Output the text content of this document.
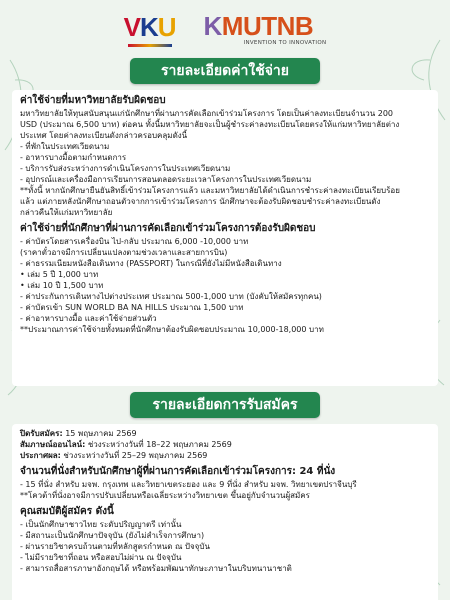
VKU KMUTNB
INVENTION TO INNOVATION
รายละเอียดค่าใช้จ่าย
ค่าใช้จ่ายที่มหาวิทยาลัยรับผิดชอบ
มหาวิทยาลัยให้ทุนสนับสนุนแก่นักศึกษาที่ผ่านการคัดเลือกเข้าร่วมโครงการ โดยเป็นค่าลงทะเบียนจำนวน 200
USD (ประมาณ 6,500 บาท) ต่อคน ทั้งนี้มหาวิทยาลัยจะเป็นผู้ชำระค่าลงทะเบียนโดยตรงให้แก่มหาวิทยาลัยต่าง
ประเทศ โดยค่าลงทะเบียนดังกล่าวครอบคลุมดังนี้
- ที่พักในประเทศเวียดนาม
- อาหารบางมื้อตามกำหนดการ
- บริการรับส่งระหว่างการดำเนินโครงการในประเทศเวียดนาม
- อุปกรณ์และเครื่องมือการเรียนการสอนตลอดระยะเวลาโครงการในประเทศเวียดนาม
**ทั้งนี้ หากนักศึกษายืนยันสิทธิ์เข้าร่วมโครงการแล้ว และมหาวิทยาลัยได้ดำเนินการชำระค่าลงทะเบียนเรียบร้อย
แล้ว แต่ภายหลังนักศึกษาถอนตัวจากการเข้าร่วมโครงการ นักศึกษาจะต้องรับผิดชอบชำระค่าลงทะเบียนดัง
กล่าวคืนให้แก่มหาวิทยาลัย
ค่าใช้จ่ายที่นักศึกษาที่ผ่านการคัดเลือกเข้าร่วมโครงการต้องรับผิดชอบ
- ค่าบัตรโดยสารเครื่องบิน ไป-กลับ ประมาณ 6,000 -10,000 บาท
(ราคาตั๋วอาจมีการเปลี่ยนแปลงตามช่วงเวลาและสายการบิน)
- ค่าธรรมเนียมหนังสือเดินทาง (PASSPORT) ในกรณีที่ยังไม่มีหนังสือเดินทาง
• เล่ม 5 ปี 1,000 บาท
• เล่ม 10 ปี 1,500 บาท
- ค่าประกันการเดินทางไปต่างประเทศ ประมาณ 500-1,000 บาท (บังคับให้สมัครทุกคน)
- ค่าบัตรเข้า SUN WORLD BA NA HILLS ประมาณ 1,500 บาท
- ค่าอาหารบางมื้อ และค่าใช้จ่ายส่วนตัว
**ประมาณการค่าใช้จ่ายทั้งหมดที่นักศึกษาต้องรับผิดชอบประมาณ 10,000-18,000 บาท
รายละเอียดการรับสมัคร
ปิดรับสมัคร: 15 พฤษภาคม 2569
สัมภาษณ์ออนไลน์: ช่วงระหว่างวันที่ 18–22 พฤษภาคม 2569
ประกาศผล: ช่วงระหว่างวันที่ 25–29 พฤษภาคม 2569
จำนวนที่นั่งสำหรับนักศึกษาผู้ที่ผ่านการคัดเลือกเข้าร่วมโครงการ: 24 ที่นั่ง
- 15 ที่นั่ง สำหรับ มจพ. กรุงเทพ และวิทยาเขตระยอง และ 9 ที่นั่ง สำหรับ มจพ. วิทยาเขตปราจีนบุรี
**โควต้าที่นั่งอาจมีการปรับเปลี่ยนหรือเฉลี่ยระหว่างวิทยาเขต ขึ้นอยู่กับจำนวนผู้สมัคร
คุณสมบัติผู้สมัคร ดังนี้
- เป็นนักศึกษาชาวไทย ระดับปริญญาตรี เท่านั้น
- มีสถานะเป็นนักศึกษาปัจจุบัน (ยังไม่สำเร็จการศึกษา)
- ผ่านรายวิชาครบถ้วนตามที่หลักสูตรกำหนด ณ ปัจจุบัน
- ไม่มีรายวิชาที่ถอน หรือสอบไม่ผ่าน ณ ปัจจุบัน
- สามารถสื่อสารภาษาอังกฤษได้ หรือพร้อมพัฒนาทักษะภาษาในบริบทนานาชาติ
